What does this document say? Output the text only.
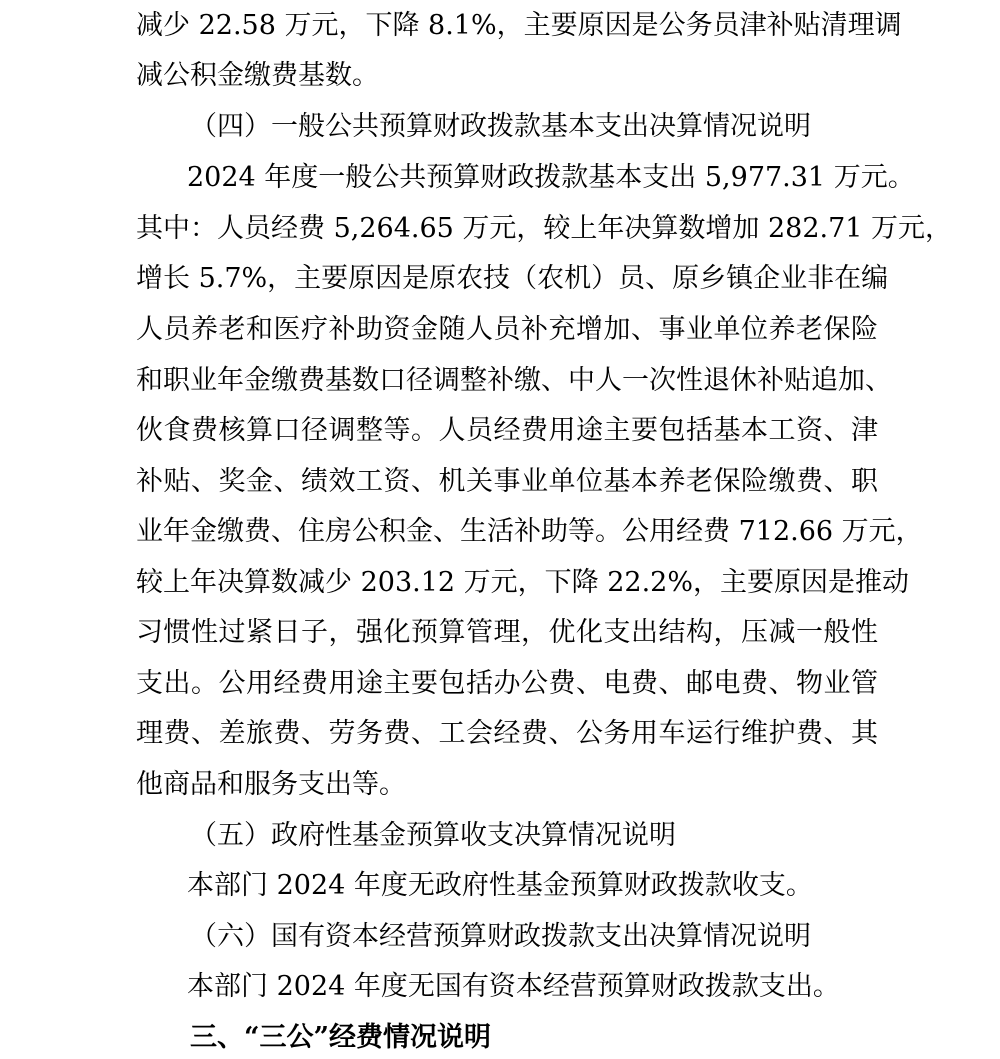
减少 22.58 万元，下降 8.1%，主要原因是公务员津补贴清理调
减公积金缴费基数。
（四）一般公共预算财政拨款基本支出决算情况说明
2024 年度一般公共预算财政拨款基本支出 5,977.31 万元。
其中：人员经费 5,264.65 万元，较上年决算数增加 282.71 万元，
增长 5.7%，主要原因是原农技（农机）员、原乡镇企业非在编
人员养老和医疗补助资金随人员补充增加、事业单位养老保险
和职业年金缴费基数口径调整补缴、中人一次性退休补贴追加、
伙食费核算口径调整等。人员经费用途主要包括基本工资、津
补贴、奖金、绩效工资、机关事业单位基本养老保险缴费、职
业年金缴费、住房公积金、生活补助等。公用经费 712.66 万元，
较上年决算数减少 203.12 万元，下降 22.2%，主要原因是推动
习惯性过紧日子，强化预算管理，优化支出结构，压减一般性
支出。公用经费用途主要包括办公费、电费、邮电费、物业管
理费、差旅费、劳务费、工会经费、公务用车运行维护费、其
他商品和服务支出等。
（五）政府性基金预算收支决算情况说明
本部门 2024 年度无政府性基金预算财政拨款收支。
（六）国有资本经营预算财政拨款支出决算情况说明
本部门 2024 年度无国有资本经营预算财政拨款支出。
三、“三公”经费情况说明
